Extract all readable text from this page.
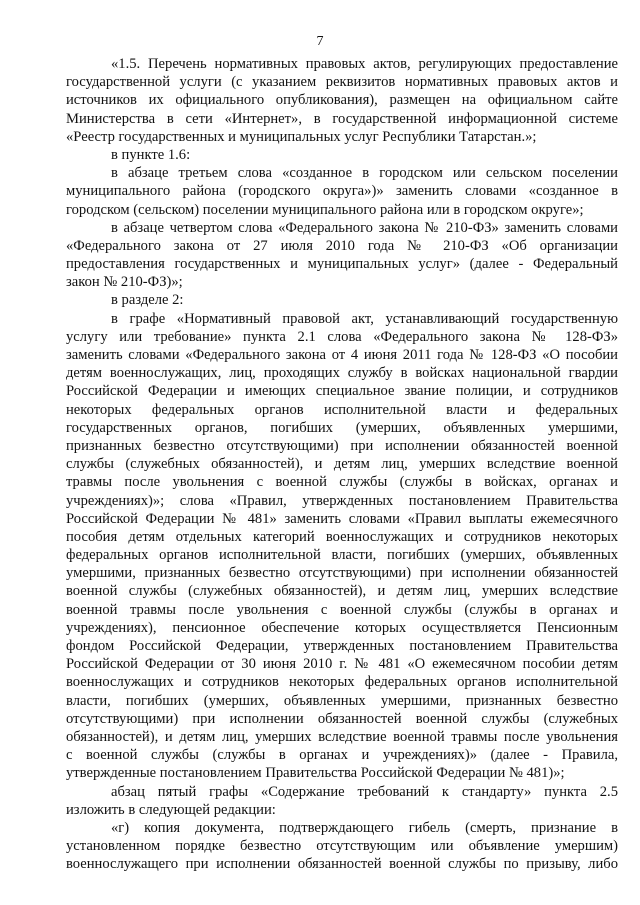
7
«1.5. Перечень нормативных правовых актов, регулирующих предоставление
государственной услуги (с указанием реквизитов нормативных правовых актов и
источников их официального опубликования), размещен на официальном сайте
Министерства в сети «Интернет», в государственной информационной системе
«Реестр государственных и муниципальных услуг Республики Татарстан.»;
в пункте 1.6:
в абзаце третьем слова «созданное в городском или сельском поселении
муниципального района (городского округа»)» заменить словами «созданное в
городском (сельском) поселении муниципального района или в городском округе»;
в абзаце четвертом слова «Федерального закона № 210-ФЗ» заменить словами
«Федерального закона от 27 июля 2010 года № 210-ФЗ «Об организации
предоставления государственных и муниципальных услуг» (далее - Федеральный
закон № 210-ФЗ)»;
в разделе 2:
в графе «Нормативный правовой акт, устанавливающий государственную
услугу или требование» пункта 2.1 слова «Федерального закона № 128-ФЗ»
заменить словами «Федерального закона от 4 июня 2011 года № 128-ФЗ «О пособии
детям военнослужащих, лиц, проходящих службу в войсках национальной гвардии
Российской Федерации и имеющих специальное звание полиции, и сотрудников
некоторых федеральных органов исполнительной власти и федеральных
государственных органов, погибших (умерших, объявленных умершими,
признанных безвестно отсутствующими) при исполнении обязанностей военной
службы (служебных обязанностей), и детям лиц, умерших вследствие военной
травмы после увольнения с военной службы (службы в войсках, органах и
учреждениях)»; слова «Правил, утвержденных постановлением Правительства
Российской Федерации № 481» заменить словами «Правил выплаты ежемесячного
пособия детям отдельных категорий военнослужащих и сотрудников некоторых
федеральных органов исполнительной власти, погибших (умерших, объявленных
умершими, признанных безвестно отсутствующими) при исполнении обязанностей
военной службы (служебных обязанностей), и детям лиц, умерших вследствие
военной травмы после увольнения с военной службы (службы в органах и
учреждениях), пенсионное обеспечение которых осуществляется Пенсионным
фондом Российской Федерации, утвержденных постановлением Правительства
Российской Федерации от 30 июня 2010 г. № 481 «О ежемесячном пособии детям
военнослужащих и сотрудников некоторых федеральных органов исполнительной
власти, погибших (умерших, объявленных умершими, признанных безвестно
отсутствующими) при исполнении обязанностей военной службы (служебных
обязанностей), и детям лиц, умерших вследствие военной травмы после увольнения
с военной службы (службы в органах и учреждениях)» (далее - Правила,
утвержденные постановлением Правительства Российской Федерации № 481)»;
абзац пятый графы «Содержание требований к стандарту» пункта 2.5
изложить в следующей редакции:
«г) копия документа, подтверждающего гибель (смерть, признание в
установленном порядке безвестно отсутствующим или объявление умершим)
военнослужащего при исполнении обязанностей военной службы по призыву, либо
